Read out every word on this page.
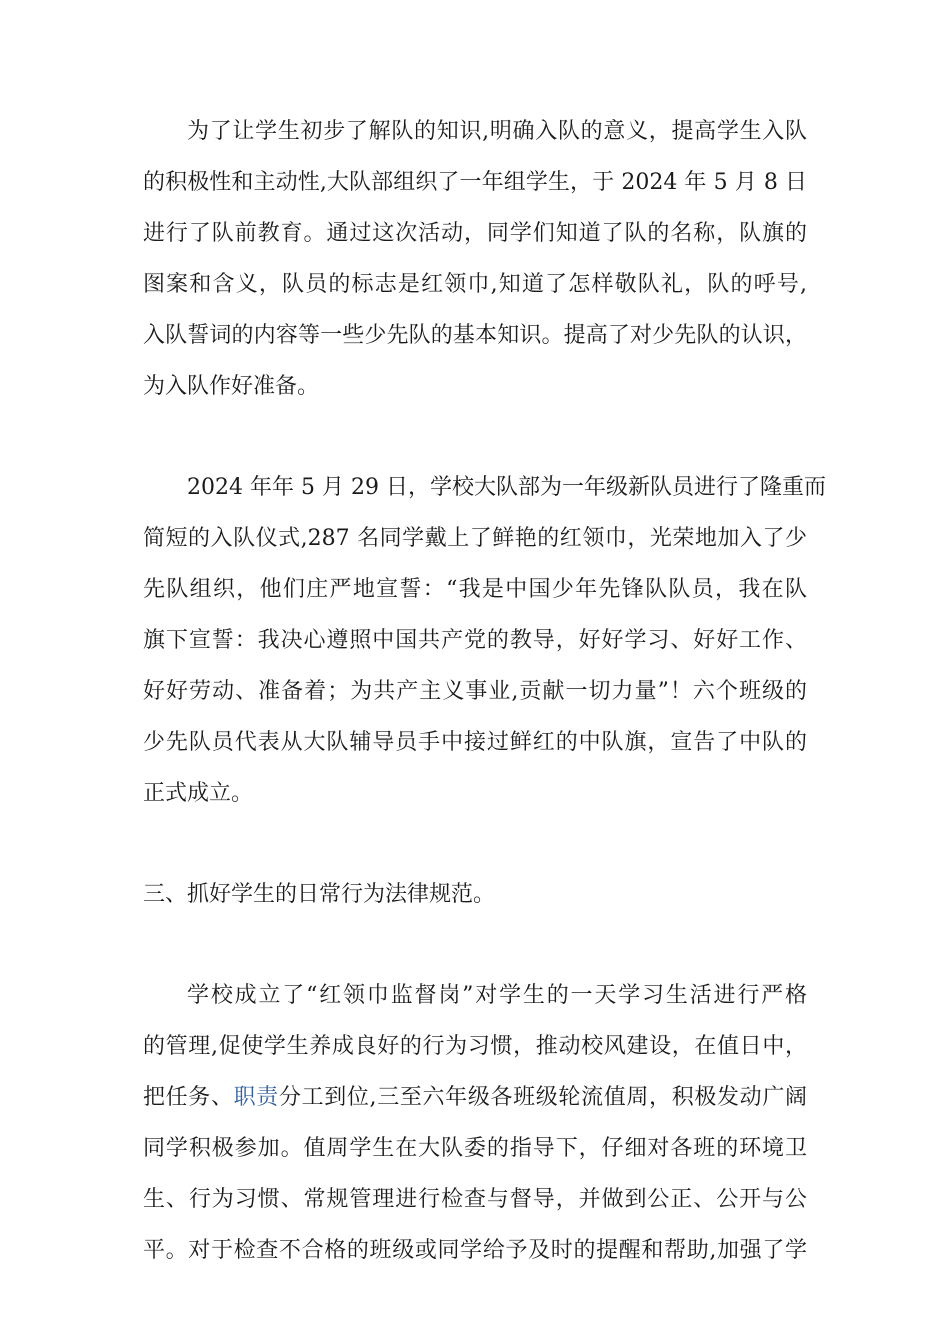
为了让学生初步了解队的知识,明确入队的意义，提高学生入队
的积极性和主动性,大队部组织了一年组学生，于 2024 年 5 月 8 日
进行了队前教育。通过这次活动，同学们知道了队的名称，队旗的
图案和含义，队员的标志是红领巾,知道了怎样敬队礼，队的呼号,
入队誓词的内容等一些少先队的基本知识。提高了对少先队的认识，
为入队作好准备。
2024 年年 5 月 29 日，学校大队部为一年级新队员进行了隆重而
简短的入队仪式,287 名同学戴上了鲜艳的红领巾，光荣地加入了少
先队组织，他们庄严地宣誓：“我是中国少年先锋队队员，我在队
旗下宣誓：我决心遵照中国共产党的教导，好好学习、好好工作、
好好劳动、准备着；为共产主义事业,贡献一切力量”！六个班级的
少先队员代表从大队辅导员手中接过鲜红的中队旗，宣告了中队的
正式成立。
三、抓好学生的日常行为法律规范。
学校成立了“红领巾监督岗”对学生的一天学习生活进行严格
的管理,促使学生养成良好的行为习惯，推动校风建设，在值日中，
把任务、职责分工到位,三至六年级各班级轮流值周，积极发动广阔
同学积极参加。值周学生在大队委的指导下，仔细对各班的环境卫
生、行为习惯、常规管理进行检查与督导，并做到公正、公开与公
平。对于检查不合格的班级或同学给予及时的提醒和帮助,加强了学
